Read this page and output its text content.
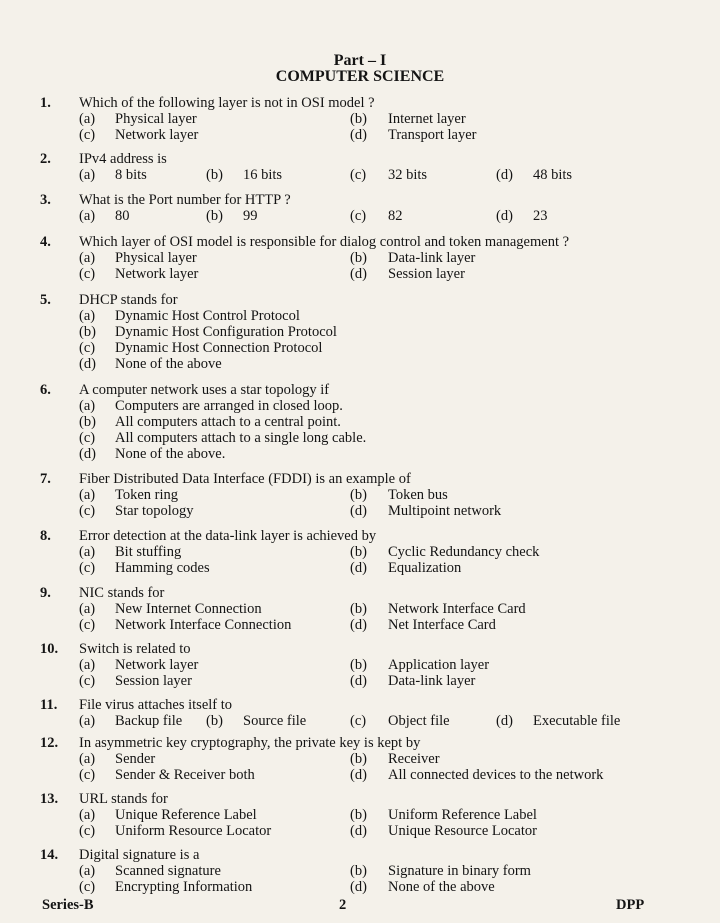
​
Part – I
COMPUTER SCIENCE
1. Which of the following layer is not in OSI model ?
(a) Physical layer	(b) Internet layer
(c) Network layer	(d) Transport layer
2. IPv4 address is
(a) 8 bits	(b) 16 bits	(c) 32 bits	(d) 48 bits
3. What is the Port number for HTTP ?
(a) 80	(b) 99	(c) 82	(d) 23
4. Which layer of OSI model is responsible for dialog control and token management ?
(a) Physical layer	(b) Data-link layer
(c) Network layer	(d) Session layer
5. DHCP stands for
(a) Dynamic Host Control Protocol
(b) Dynamic Host Configuration Protocol
(c) Dynamic Host Connection Protocol
(d) None of the above
6. A computer network uses a star topology if
(a) Computers are arranged in closed loop.
(b) All computers attach to a central point.
(c) All computers attach to a single long cable.
(d) None of the above.
7. Fiber Distributed Data Interface (FDDI) is an example of
(a) Token ring	(b) Token bus
(c) Star topology	(d) Multipoint network
8. Error detection at the data-link layer is achieved by
(a) Bit stuffing	(b) Cyclic Redundancy check
(c) Hamming codes	(d) Equalization
9. NIC stands for
(a) New Internet Connection	(b) Network Interface Card
(c) Network Interface Connection	(d) Net Interface Card
10. Switch is related to
(a) Network layer	(b) Application layer
(c) Session layer	(d) Data-link layer
11. File virus attaches itself to
(a) Backup file (b) Source file	(c) Object file	(d) Executable file
12. In asymmetric key cryptography, the private key is kept by
(a) Sender	(b) Receiver
(c) Sender & Receiver both	(d) All connected devices to the network
13. URL stands for
(a) Unique Reference Label	(b) Uniform Reference Label
(c) Uniform Resource Locator	(d) Unique Resource Locator
14. Digital signature is a
(a) Scanned signature	(b) Signature in binary form
(c) Encrypting Information	(d) None of the above
Series-B	2	DPP
